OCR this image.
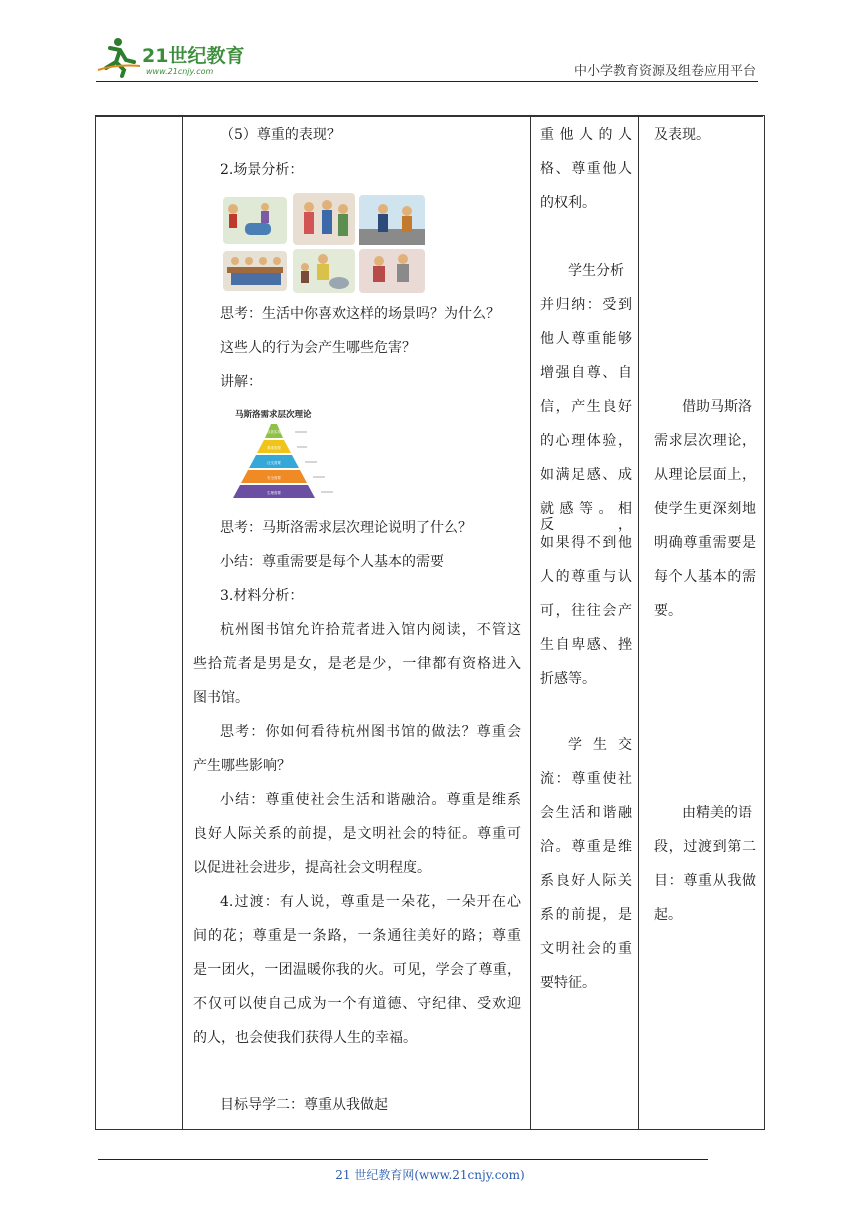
21世纪教育
www.21cnjy.com	中小学教育资源及组卷应用平台
（5）尊重的表现？
2.场景分析：
思考：生活中你喜欢这样的场景吗？为什么？
这些人的行为会产生哪些危害？
讲解：
马斯洛需求层次理论
自我实现
尊重需要
社交需要
安全需要
生理需要
思考：马斯洛需求层次理论说明了什么？
小结：尊重需要是每个人基本的需要
3.材料分析：
杭州图书馆允许拾荒者进入馆内阅读，不管这
些拾荒者是男是女，是老是少，一律都有资格进入
图书馆。
思考：你如何看待杭州图书馆的做法？尊重会
产生哪些影响？
小结：尊重使社会生活和谐融洽。尊重是维系
良好人际关系的前提，是文明社会的特征。尊重可
以促进社会进步，提高社会文明程度。
4.过渡：有人说，尊重是一朵花，一朵开在心
间的花；尊重是一条路，一条通往美好的路；尊重
是一团火，一团温暖你我的火。可见，学会了尊重，
不仅可以使自己成为一个有道德、守纪律、受欢迎
的人，也会使我们获得人生的幸福。
目标导学二：尊重从我做起
重 他 人 的 人
格、尊重他人
的权利。
学生分析
并归纳：受到
他人尊重能够
增强自尊、自
信，产生良好
的心理体验，
如满足感、成
就感等。相反，
如果得不到他
人的尊重与认
可，往往会产
生自卑感、挫
折感等。
学 生 交
流：尊重使社
会生活和谐融
洽。尊重是维
系良好人际关
系的前提，是
文明社会的重
要特征。
及表现。
借助马斯洛
需求层次理论，
从理论层面上，
使学生更深刻地
明确尊重需要是
每个人基本的需
要。
由精美的语
段，过渡到第二
目：尊重从我做
起。
21 世纪教育网(www.21cnjy.com)
